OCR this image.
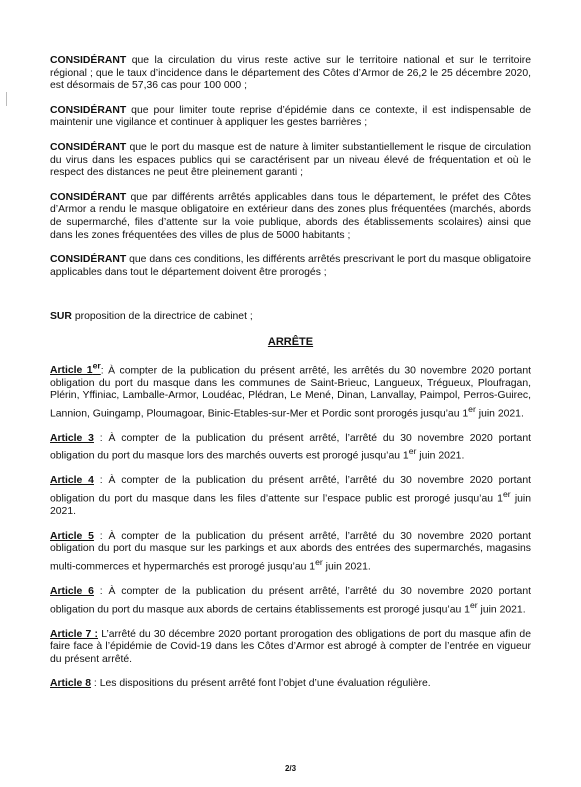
CONSIDÉRANT que la circulation du virus reste active sur le territoire national et sur le territoire régional ; que le taux d’incidence dans le département des Côtes d’Armor de 26,2 le 25 décembre 2020, est désormais de 57,36 cas pour 100 000 ;

CONSIDÉRANT que pour limiter toute reprise d’épidémie dans ce contexte, il est indispensable de maintenir une vigilance et continuer à appliquer les gestes barrières ;

CONSIDÉRANT que le port du masque est de nature à limiter substantiellement le risque de circulation du virus dans les espaces publics qui se caractérisent par un niveau élevé de fréquentation et où le respect des distances ne peut être pleinement garanti ;

CONSIDÉRANT que par différents arrêtés applicables dans tous le département, le préfet des Côtes d’Armor a rendu le masque obligatoire en extérieur dans des zones plus fréquentées (marchés, abords de supermarché, files d’attente sur la voie publique, abords des établissements scolaires) ainsi que dans les zones fréquentées des villes de plus de 5000 habitants ;

CONSIDÉRANT que dans ces conditions, les différents arrêtés prescrivant le port du masque obligatoire applicables dans tout le département doivent être prorogés ;

SUR proposition de la directrice de cabinet ;

ARRÊTE

Article 1er: À compter de la publication du présent arrêté, les arrêtés du 30 novembre 2020 portant obligation du port du masque dans les communes de Saint-Brieuc, Langueux, Trégueux, Ploufragan, Plérin, Yffiniac, Lamballe-Armor, Loudéac, Plédran, Le Mené, Dinan, Lanvallay, Paimpol, Perros-Guirec, Lannion, Guingamp, Ploumagoar, Binic-Etables-sur-Mer et Pordic sont prorogés jusqu’au 1er juin 2021.

Article 3 : À compter de la publication du présent arrêté, l’arrêté du 30 novembre 2020 portant obligation du port du masque lors des marchés ouverts est prorogé jusqu’au 1er juin 2021.

Article 4 : À compter de la publication du présent arrêté, l’arrêté du 30 novembre 2020 portant obligation du port du masque dans les files d’attente sur l’espace public est prorogé jusqu’au 1er juin 2021.

Article 5 : À compter de la publication du présent arrêté, l’arrêté du 30 novembre 2020 portant obligation du port du masque sur les parkings et aux abords des entrées des supermarchés, magasins multi-commerces et hypermarchés est prorogé jusqu’au 1er juin 2021.

Article 6 : À compter de la publication du présent arrêté, l’arrêté du 30 novembre 2020 portant obligation du port du masque aux abords de certains établissements est prorogé jusqu’au 1er juin 2021.

Article 7 : L’arrêté du 30 décembre 2020 portant prorogation des obligations de port du masque afin de faire face à l’épidémie de Covid-19 dans les Côtes d’Armor est abrogé à compter de l’entrée en vigueur du présent arrêté.

Article 8 : Les dispositions du présent arrêté font l’objet d’une évaluation régulière.

2/3
